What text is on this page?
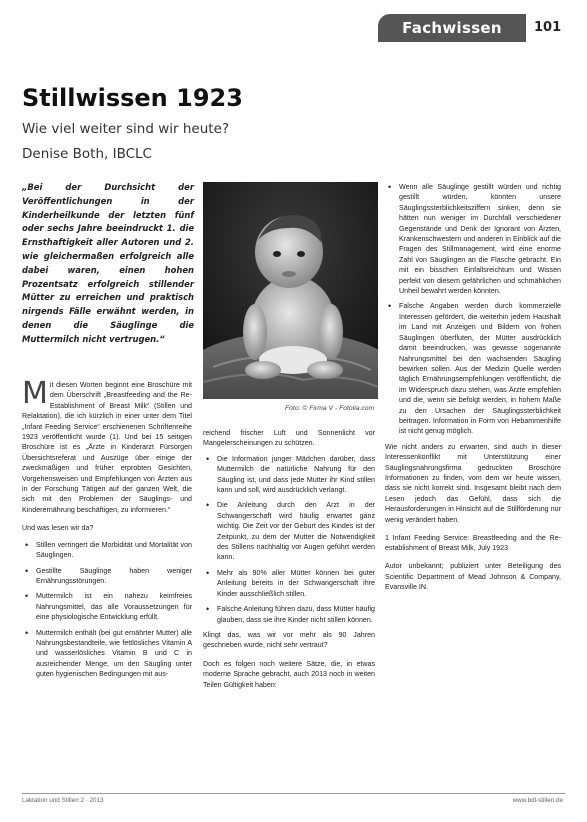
Fachwissen	101
Stillwissen 1923
Wie viel weiter sind wir heute?
Denise Both, IBCLC
„Bei der Durchsicht der Veröffentlichungen in der Kinderheilkunde der letzten fünf oder sechs Jahre beeindruckt 1. die Ernsthaftigkeit aller Autoren und 2. wie gleichermaßen erfolgreich alle dabei waren, einen hohen Prozentsatz erfolgreich stillender Mütter zu erreichen und praktisch nirgends Fälle erwähnt werden, in denen die Säuglinge die Muttermilch nicht vertrugen.“
Foto: © Firma V - Fotolia.com

Mit diesen Worten beginnt eine Broschüre mit dem Überschrift „Breastfeeding and the Re-Establishment of Breast Milk“ (Stillen und Relaktation), die ich kürzlich in einer unter dem Titel „Infant Feeding Service“ erschienenen Schriftenreihe 1923 veröffentlicht wurde (1). Und bei 15 seitigen Broschüre ist es „Ärzte in Kinderarzt Fürsorgen Übersichtsreferat und Auszüge über einige der zweckmäßigen und früher erprobten Gesichten, Vorgehensweisen und Empfehlungen von Ärzten aus in der Forschung Tätigen auf der ganzen Welt, die sich mit den Problemen der Säuglings- und Kinderernährung beschäftigen, zu informieren.“

Und was lesen wir da?

• Stillen verringert die Morbidität und Mortalität von Säuglingen.
• Gestillte Säuglinge haben weniger Ernährungsstörungen.
• Muttermilch ist ein nahezu keimfreies Nahrungsmittel, das alle Voraussetzungen für eine physiologische Entwicklung erfüllt.
• Muttermilch enthält (bei gut ernährter Mutter) alle Nahrungsbestandteile, wie fettlösliches Vitamin A und wasserlösliches Vitamin B und C in ausreichender Menge, um den Säugling unter guten hygienischen Bedingungen mit aus-

reichend frischer Luft und Sonnenlicht vor Mangelerscheinungen zu schützen.

• Die Information junger Mädchen darüber, dass Muttermilch die natürliche Nahrung für den Säugling ist, und dass jede Mutter ihr Kind stillen kann und soll, wird ausdrücklich verlangt.
• Die Anleitung durch den Arzt in der Schwangerschaft wird häufig erwartet ganz wichtig. Die Zeit vor der Geburt des Kindes ist der Zeitpunkt, zu dem der Mutter die Notwendigkeit des Stillens nachhaltig vor Augen geführt werden kann.
• Mehr als 90% aller Mütter können bei guter Anleitung bereits in der Schwangerschaft ihre Kinder ausschließlich stillen.
• Falsche Anleitung führen dazu, dass Mütter häufig glauben, dass sie ihre Kinder nicht stillen können.

Klingt das, was wir vor mehr als 90 Jahren geschrieben wurde, nicht sehr vertraut?

Doch es folgen noch weitere Sätze, die, in etwas moderne Sprache gebracht, auch 2013 noch in weiten Teilen Gültigkeit haben:

• Wenn alle Säuglinge gestillt würden und richtig gestillt würden, könnten unsere Säuglingssterblichkeitsziffern sinken, denn sie hätten nun weniger im Durchfall verschiedener Gegenstände und Denk der Ignorant von Ärzten, Krankenschwestern und anderen in Einblick auf die Fragen des Stillmanagement, wird eine enorme Zahl von Säuglingen an die Flasche gebracht. Ein mit ein bisschen Einfallsreichtum und Wissen perfekt von diesem gefährlichen und schmählichen Unheil bewahrt werden könnten.
• Falsche Angaben werden durch kommerzielle Interessen gefördert, die weiterhin jedem Haushalt im Land mit Anzeigen und Bildern von frohen Säuglingen überfluten, der Mütter ausdrücklich damit beeindrucken, was gewisse sogenannte Nahrungsmittel bei den wachsenden Säugling bewirken sollen. Aus der Medizin Quelle werden täglich Ernährungsempfehlungen veröffentlicht, die im Widerspruch dazu stehen, was Ärzte empfehlen und die, wenn sie befolgt werden, in hohem Maße zu den Ursachen der Säuglingssterblichkeit beitragen. Information in Form von Hebammenhilfe ist nicht genug möglich.

Wie nicht anders zu erwarten, sind auch in dieser Interessenkonflikt mit Unterstützung einer Säuglingsnahrungsfirma gedruckten Broschüre Informationen zu finden, vom dem wir heute wissen, dass sie nicht korrekt sind. Insgesamt bleibt nach dem Lesen jedoch das Gefühl, dass sich die Herausforderungen in Hinsicht auf die Stillförderung nur wenig verändert haben.

1 Infant Feeding Service: Breastfeeding and the Re-establishment of Breast Milk, July 1923

Autor unbekannt; publiziert unter Beteiligung des Scientific Department of Mead Johnson & Company, Evansville IN.

Laktation und Stillen 2 · 2013	www.bdl-stillen.de
